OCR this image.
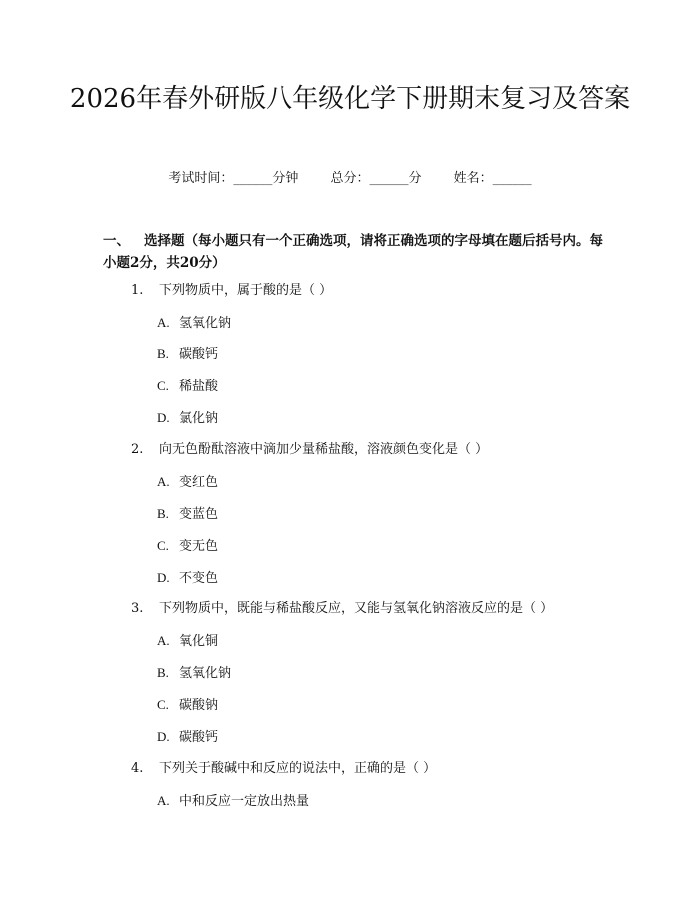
2026年春外研版八年级化学下册期末复习及答案
考试时间：______分钟 总分：______分 姓名：______
一、 选择题（每小题只有一个正确选项，请将正确选项的字母填在题后括号内。每小题2分，共20分）
1. 下列物质中，属于酸的是（ ）
A. 氢氧化钠
B. 碳酸钙
C. 稀盐酸
D. 氯化钠
2. 向无色酚酞溶液中滴加少量稀盐酸，溶液颜色变化是（ ）
A. 变红色
B. 变蓝色
C. 变无色
D. 不变色
3. 下列物质中，既能与稀盐酸反应，又能与氢氧化钠溶液反应的是（ ）
A. 氧化铜
B. 氢氧化钠
C. 碳酸钠
D. 碳酸钙
4. 下列关于酸碱中和反应的说法中，正确的是（ ）
A. 中和反应一定放出热量
